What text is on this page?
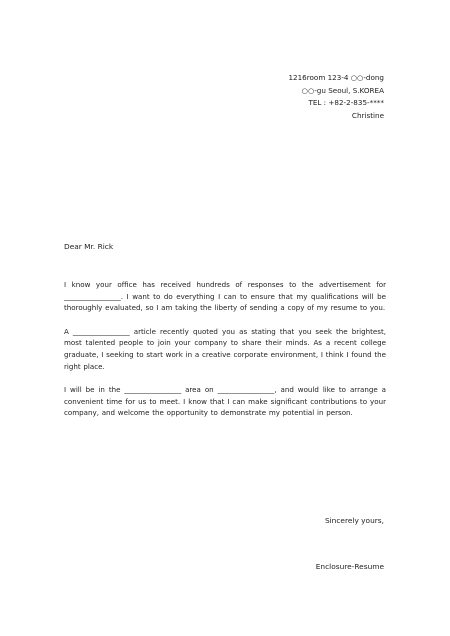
1216room 123-4 ○○-dong
○○-gu Seoul, S.KOREA
TEL : +82-2-835-****
Christine
Dear Mr. Rick

I know your office has received hundreds of responses to the advertisement for ________________. I want to do everything I can to ensure that my qualifications will be thoroughly evaluated, so I am taking the liberty of sending a copy of my resume to you.

A ________________ article recently quoted you as stating that you seek the brightest, most talented people to join your company to share their minds. As a recent college graduate, I seeking to start work in a creative corporate environment, I think I found the right place.

I will be in the ________________ area on ________________, and would like to arrange a convenient time for us to meet. I know that I can make significant contributions to your company, and welcome the opportunity to demonstrate my potential in person.

Sincerely yours,
Enclosure-Resume
